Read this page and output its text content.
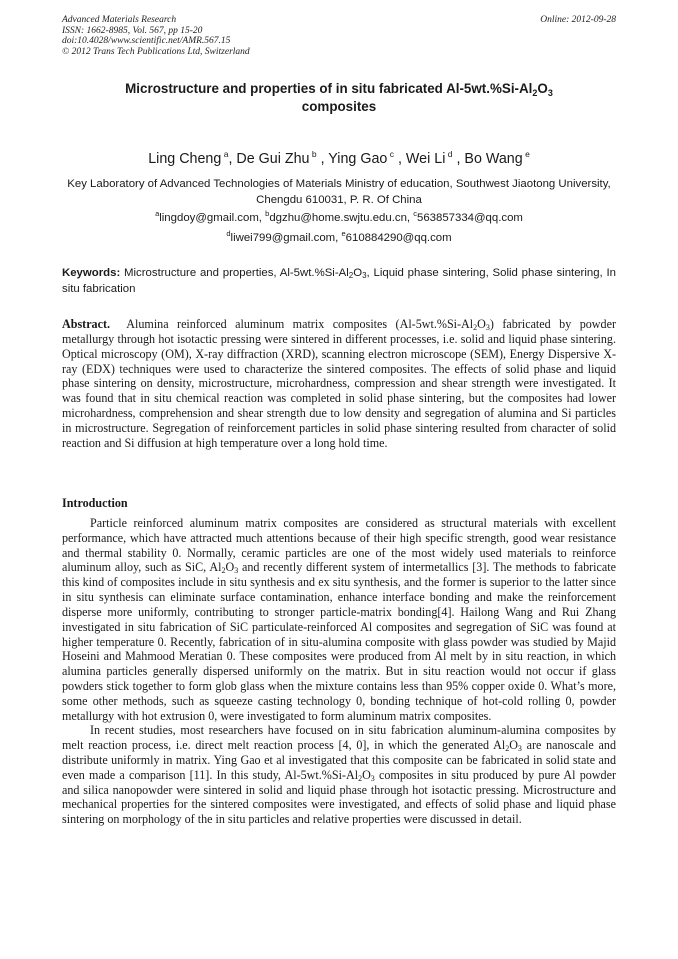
Advanced Materials Research
ISSN: 1662-8985, Vol. 567, pp 15-20
doi:10.4028/www.scientific.net/AMR.567.15
© 2012 Trans Tech Publications Ltd, Switzerland
Online: 2012-09-28
Microstructure and properties of in situ fabricated $Al-5wt.\%Si-Al_2O_3$
composites
Ling Cheng $^a$, De Gui Zhu $^b$ , Ying Gao $^c$ , Wei Li $^d$ , Bo Wang $^e$
Key Laboratory of Advanced Technologies of Materials Ministry of education, Southwest Jiaotong University, Chengdu 610031, P. R. Of China
$^a$lingdoy@gmail.com, $^b$dgzhu@home.swjtu.edu.cn, $^c$563857334@qq.com
$^d$liwei799@gmail.com, $^e$610884290@qq.com
Keywords: Microstructure and properties, $Al-5wt.\%Si-Al_2O_3$, Liquid phase sintering, Solid phase sintering, In situ fabrication
Abstract.  Alumina reinforced aluminum matrix composites $(Al-5wt.\%Si-Al_2O_3)$ fabricated by powder metallurgy through hot isotactic pressing were sintered in different processes, i.e. solid and liquid phase sintering. Optical microscopy (OM), X-ray diffraction (XRD), scanning electron microscope (SEM), Energy Dispersive X-ray (EDX) techniques were used to characterize the sintered composites. The effects of solid phase and liquid phase sintering on density, microstructure, microhardness, compression and shear strength were investigated. It was found that in situ chemical reaction was completed in solid phase sintering, but the composites had lower microhardness, comprehension and shear strength due to low density and segregation of alumina and Si particles in microstructure. Segregation of reinforcement particles in solid phase sintering resulted from character of solid reaction and Si diffusion at high temperature over a long hold time.
Introduction

Particle reinforced aluminum matrix composites are considered as structural materials with excellent performance, which have attracted much attentions because of their high specific strength, good wear resistance and thermal stability 0. Normally, ceramic particles are one of the most widely used materials to reinforce aluminum alloy, such as SiC, $Al_2O_3$ and recently different system of intermetallics [3]. The methods to fabricate this kind of composites include in situ synthesis and ex situ synthesis, and the former is superior to the latter since in situ synthesis can eliminate surface contamination, enhance interface bonding and make the reinforcement disperse more uniformly, contributing to stronger particle-matrix bonding[4]. Hailong Wang and Rui Zhang investigated in situ fabrication of SiC particulate-reinforced Al composites and segregation of SiC was found at higher temperature 0. Recently, fabrication of in situ-alumina composite with glass powder was studied by Majid Hoseini and Mahmood Meratian 0. These composites were produced from Al melt by in situ reaction, in which alumina particles generally dispersed uniformly on the matrix. But in situ reaction would not occur if glass powders stick together to form glob glass when the mixture contains less than 95% copper oxide 0. What’s more, some other methods, such as squeeze casting technology 0, bonding technique of hot-cold rolling 0, powder metallurgy with hot extrusion 0, were investigated to form aluminum matrix composites.

In recent studies, most researchers have focused on in situ fabrication aluminum-alumina composites by melt reaction process, i.e. direct melt reaction process [4, 0], in which the generated $Al_2O_3$ are nanoscale and distribute uniformly in matrix. Ying Gao et al investigated that this composite can be fabricated in solid state and even made a comparison [11]. In this study, $Al-5wt.\%Si-Al_2O_3$ composites in situ produced by pure Al powder and silica nanopowder were sintered in solid and liquid phase through hot isotactic pressing. Microstructure and mechanical properties for the sintered composites were investigated, and effects of solid phase and liquid phase sintering on morphology of the in situ particles and relative properties were discussed in detail.
